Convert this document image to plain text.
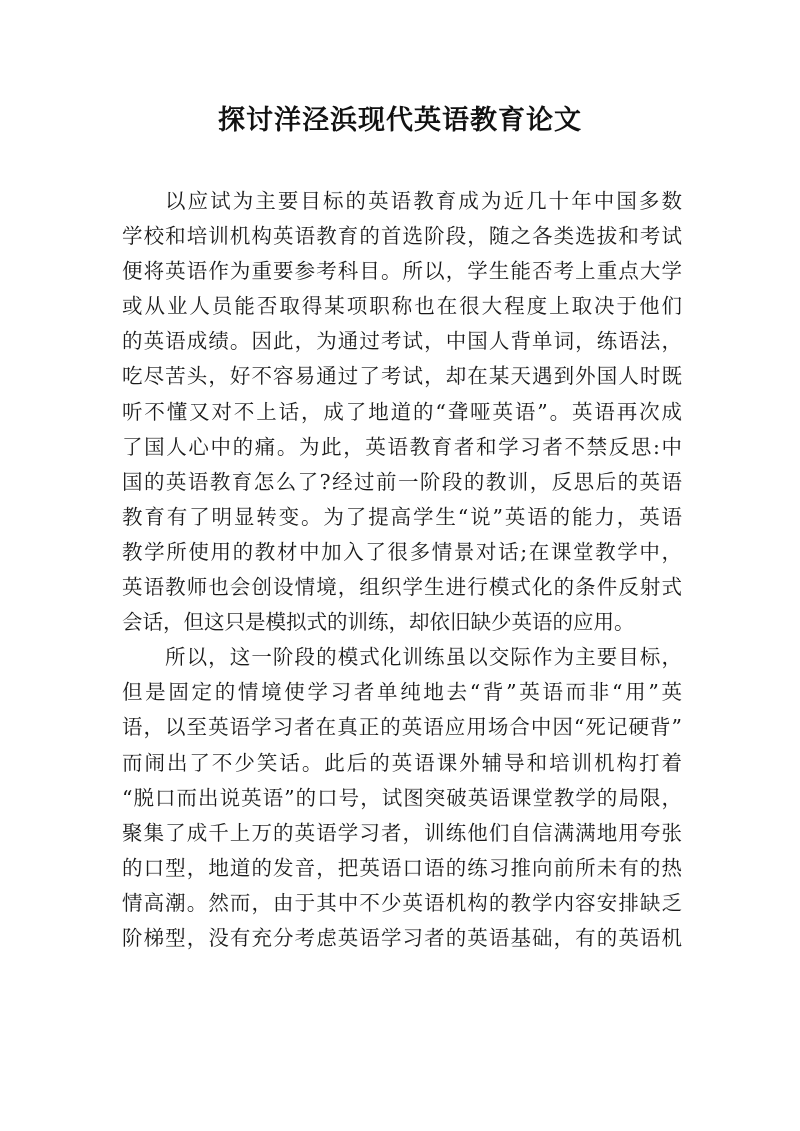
探讨洋泾浜现代英语教育论文
以应试为主要目标的英语教育成为近几十年中国多数
学校和培训机构英语教育的首选阶段，随之各类选拔和考试
便将英语作为重要参考科目。所以，学生能否考上重点大学
或从业人员能否取得某项职称也在很大程度上取决于他们
的英语成绩。因此，为通过考试，中国人背单词，练语法，
吃尽苦头，好不容易通过了考试，却在某天遇到外国人时既
听不懂又对不上话，成了地道的“聋哑英语”。英语再次成
了国人心中的痛。为此，英语教育者和学习者不禁反思:中
国的英语教育怎么了?经过前一阶段的教训，反思后的英语
教育有了明显转变。为了提高学生“说”英语的能力，英语
教学所使用的教材中加入了很多情景对话;在课堂教学中，
英语教师也会创设情境，组织学生进行模式化的条件反射式
会话，但这只是模拟式的训练，却依旧缺少英语的应用。
所以，这一阶段的模式化训练虽以交际作为主要目标，
但是固定的情境使学习者单纯地去“背”英语而非“用”英
语，以至英语学习者在真正的英语应用场合中因“死记硬背”
而闹出了不少笑话。此后的英语课外辅导和培训机构打着
“脱口而出说英语”的口号，试图突破英语课堂教学的局限，
聚集了成千上万的英语学习者，训练他们自信满满地用夸张
的口型，地道的发音，把英语口语的练习推向前所未有的热
情高潮。然而，由于其中不少英语机构的教学内容安排缺乏
阶梯型，没有充分考虑英语学习者的英语基础，有的英语机
